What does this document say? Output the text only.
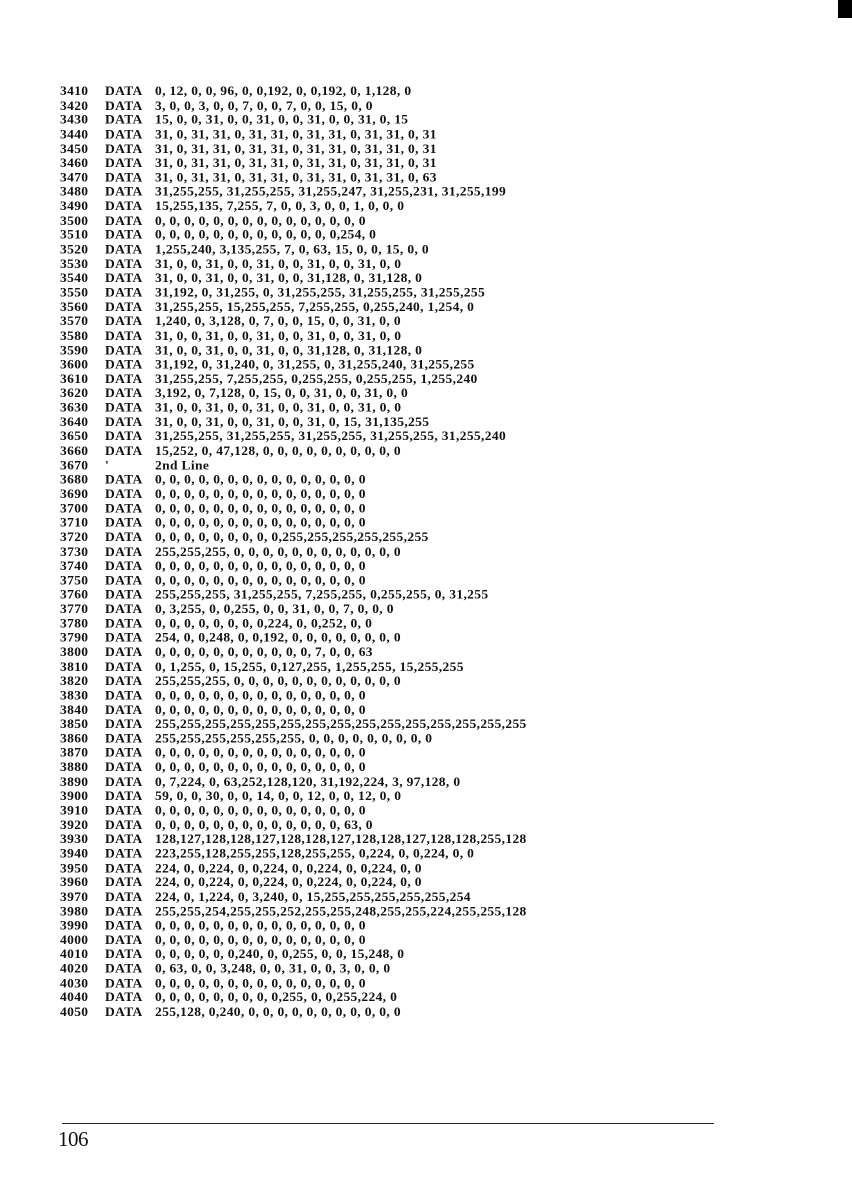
3410 DATA 0, 12, 0, 0, 96, 0, 0,192, 0, 0,192, 0, 1,128, 0
3420 DATA 3, 0, 0, 3, 0, 0, 7, 0, 0, 7, 0, 0, 15, 0, 0
3430 DATA 15, 0, 0, 31, 0, 0, 31, 0, 0, 31, 0, 0, 31, 0, 15
3440 DATA 31, 0, 31, 31, 0, 31, 31, 0, 31, 31, 0, 31, 31, 0, 31
3450 DATA 31, 0, 31, 31, 0, 31, 31, 0, 31, 31, 0, 31, 31, 0, 31
3460 DATA 31, 0, 31, 31, 0, 31, 31, 0, 31, 31, 0, 31, 31, 0, 31
3470 DATA 31, 0, 31, 31, 0, 31, 31, 0, 31, 31, 0, 31, 31, 0, 63
3480 DATA 31,255,255, 31,255,255, 31,255,247, 31,255,231, 31,255,199
3490 DATA 15,255,135, 7,255, 7, 0, 0, 3, 0, 0, 1, 0, 0, 0
3500 DATA 0, 0, 0, 0, 0, 0, 0, 0, 0, 0, 0, 0, 0, 0, 0
3510 DATA 0, 0, 0, 0, 0, 0, 0, 0, 0, 0, 0, 0, 0,254, 0
3520 DATA 1,255,240, 3,135,255, 7, 0, 63, 15, 0, 0, 15, 0, 0
3530 DATA 31, 0, 0, 31, 0, 0, 31, 0, 0, 31, 0, 0, 31, 0, 0
3540 DATA 31, 0, 0, 31, 0, 0, 31, 0, 0, 31,128, 0, 31,128, 0
3550 DATA 31,192, 0, 31,255, 0, 31,255,255, 31,255,255, 31,255,255
3560 DATA 31,255,255, 15,255,255, 7,255,255, 0,255,240, 1,254, 0
3570 DATA 1,240, 0, 3,128, 0, 7, 0, 0, 15, 0, 0, 31, 0, 0
3580 DATA 31, 0, 0, 31, 0, 0, 31, 0, 0, 31, 0, 0, 31, 0, 0
3590 DATA 31, 0, 0, 31, 0, 0, 31, 0, 0, 31,128, 0, 31,128, 0
3600 DATA 31,192, 0, 31,240, 0, 31,255, 0, 31,255,240, 31,255,255
3610 DATA 31,255,255, 7,255,255, 0,255,255, 0,255,255, 1,255,240
3620 DATA 3,192, 0, 7,128, 0, 15, 0, 0, 31, 0, 0, 31, 0, 0
3630 DATA 31, 0, 0, 31, 0, 0, 31, 0, 0, 31, 0, 0, 31, 0, 0
3640 DATA 31, 0, 0, 31, 0, 0, 31, 0, 0, 31, 0, 15, 31,135,255
3650 DATA 31,255,255, 31,255,255, 31,255,255, 31,255,255, 31,255,240
3660 DATA 15,252, 0, 47,128, 0, 0, 0, 0, 0, 0, 0, 0, 0, 0
3670 '	2nd Line
3680 DATA 0, 0, 0, 0, 0, 0, 0, 0, 0, 0, 0, 0, 0, 0, 0
3690 DATA 0, 0, 0, 0, 0, 0, 0, 0, 0, 0, 0, 0, 0, 0, 0
3700 DATA 0, 0, 0, 0, 0, 0, 0, 0, 0, 0, 0, 0, 0, 0, 0
3710 DATA 0, 0, 0, 0, 0, 0, 0, 0, 0, 0, 0, 0, 0, 0, 0
3720 DATA 0, 0, 0, 0, 0, 0, 0, 0, 0,255,255,255,255,255,255
3730 DATA 255,255,255, 0, 0, 0, 0, 0, 0, 0, 0, 0, 0, 0, 0
3740 DATA 0, 0, 0, 0, 0, 0, 0, 0, 0, 0, 0, 0, 0, 0, 0
3750 DATA 0, 0, 0, 0, 0, 0, 0, 0, 0, 0, 0, 0, 0, 0, 0
3760 DATA 255,255,255, 31,255,255, 7,255,255, 0,255,255, 0, 31,255
3770 DATA 0, 3,255, 0, 0,255, 0, 0, 31, 0, 0, 7, 0, 0, 0
3780 DATA 0, 0, 0, 0, 0, 0, 0, 0,224, 0, 0,252, 0, 0
3790 DATA 254, 0, 0,248, 0, 0,192, 0, 0, 0, 0, 0, 0, 0, 0
3800 DATA 0, 0, 0, 0, 0, 0, 0, 0, 0, 0, 0, 7, 0, 0, 63
3810 DATA 0, 1,255, 0, 15,255, 0,127,255, 1,255,255, 15,255,255
3820 DATA 255,255,255, 0, 0, 0, 0, 0, 0, 0, 0, 0, 0, 0, 0
3830 DATA 0, 0, 0, 0, 0, 0, 0, 0, 0, 0, 0, 0, 0, 0, 0
3840 DATA 0, 0, 0, 0, 0, 0, 0, 0, 0, 0, 0, 0, 0, 0, 0
3850 DATA 255,255,255,255,255,255,255,255,255,255,255,255,255,255,255
3860 DATA 255,255,255,255,255,255, 0, 0, 0, 0, 0, 0, 0, 0, 0
3870 DATA 0, 0, 0, 0, 0, 0, 0, 0, 0, 0, 0, 0, 0, 0, 0
3880 DATA 0, 0, 0, 0, 0, 0, 0, 0, 0, 0, 0, 0, 0, 0, 0
3890 DATA 0, 7,224, 0, 63,252,128,120, 31,192,224, 3, 97,128, 0
3900 DATA 59, 0, 0, 30, 0, 0, 14, 0, 0, 12, 0, 0, 12, 0, 0
3910 DATA 0, 0, 0, 0, 0, 0, 0, 0, 0, 0, 0, 0, 0, 0, 0
3920 DATA 0, 0, 0, 0, 0, 0, 0, 0, 0, 0, 0, 0, 0, 63, 0
3930 DATA 128,127,128,128,127,128,128,127,128,128,127,128,128,255,128
3940 DATA 223,255,128,255,255,128,255,255, 0,224, 0, 0,224, 0, 0
3950 DATA 224, 0, 0,224, 0, 0,224, 0, 0,224, 0, 0,224, 0, 0
3960 DATA 224, 0, 0,224, 0, 0,224, 0, 0,224, 0, 0,224, 0, 0
3970 DATA 224, 0, 1,224, 0, 3,240, 0, 15,255,255,255,255,255,254
3980 DATA 255,255,254,255,255,252,255,255,248,255,255,224,255,255,128
3990 DATA 0, 0, 0, 0, 0, 0, 0, 0, 0, 0, 0, 0, 0, 0, 0
4000 DATA 0, 0, 0, 0, 0, 0, 0, 0, 0, 0, 0, 0, 0, 0, 0
4010 DATA 0, 0, 0, 0, 0, 0,240, 0, 0,255, 0, 0, 15,248, 0
4020 DATA 0, 63, 0, 0, 3,248, 0, 0, 31, 0, 0, 3, 0, 0, 0
4030 DATA 0, 0, 0, 0, 0, 0, 0, 0, 0, 0, 0, 0, 0, 0, 0
4040 DATA 0, 0, 0, 0, 0, 0, 0, 0, 0,255, 0, 0,255,224, 0
4050 DATA 255,128, 0,240, 0, 0, 0, 0, 0, 0, 0, 0, 0, 0, 0
106
